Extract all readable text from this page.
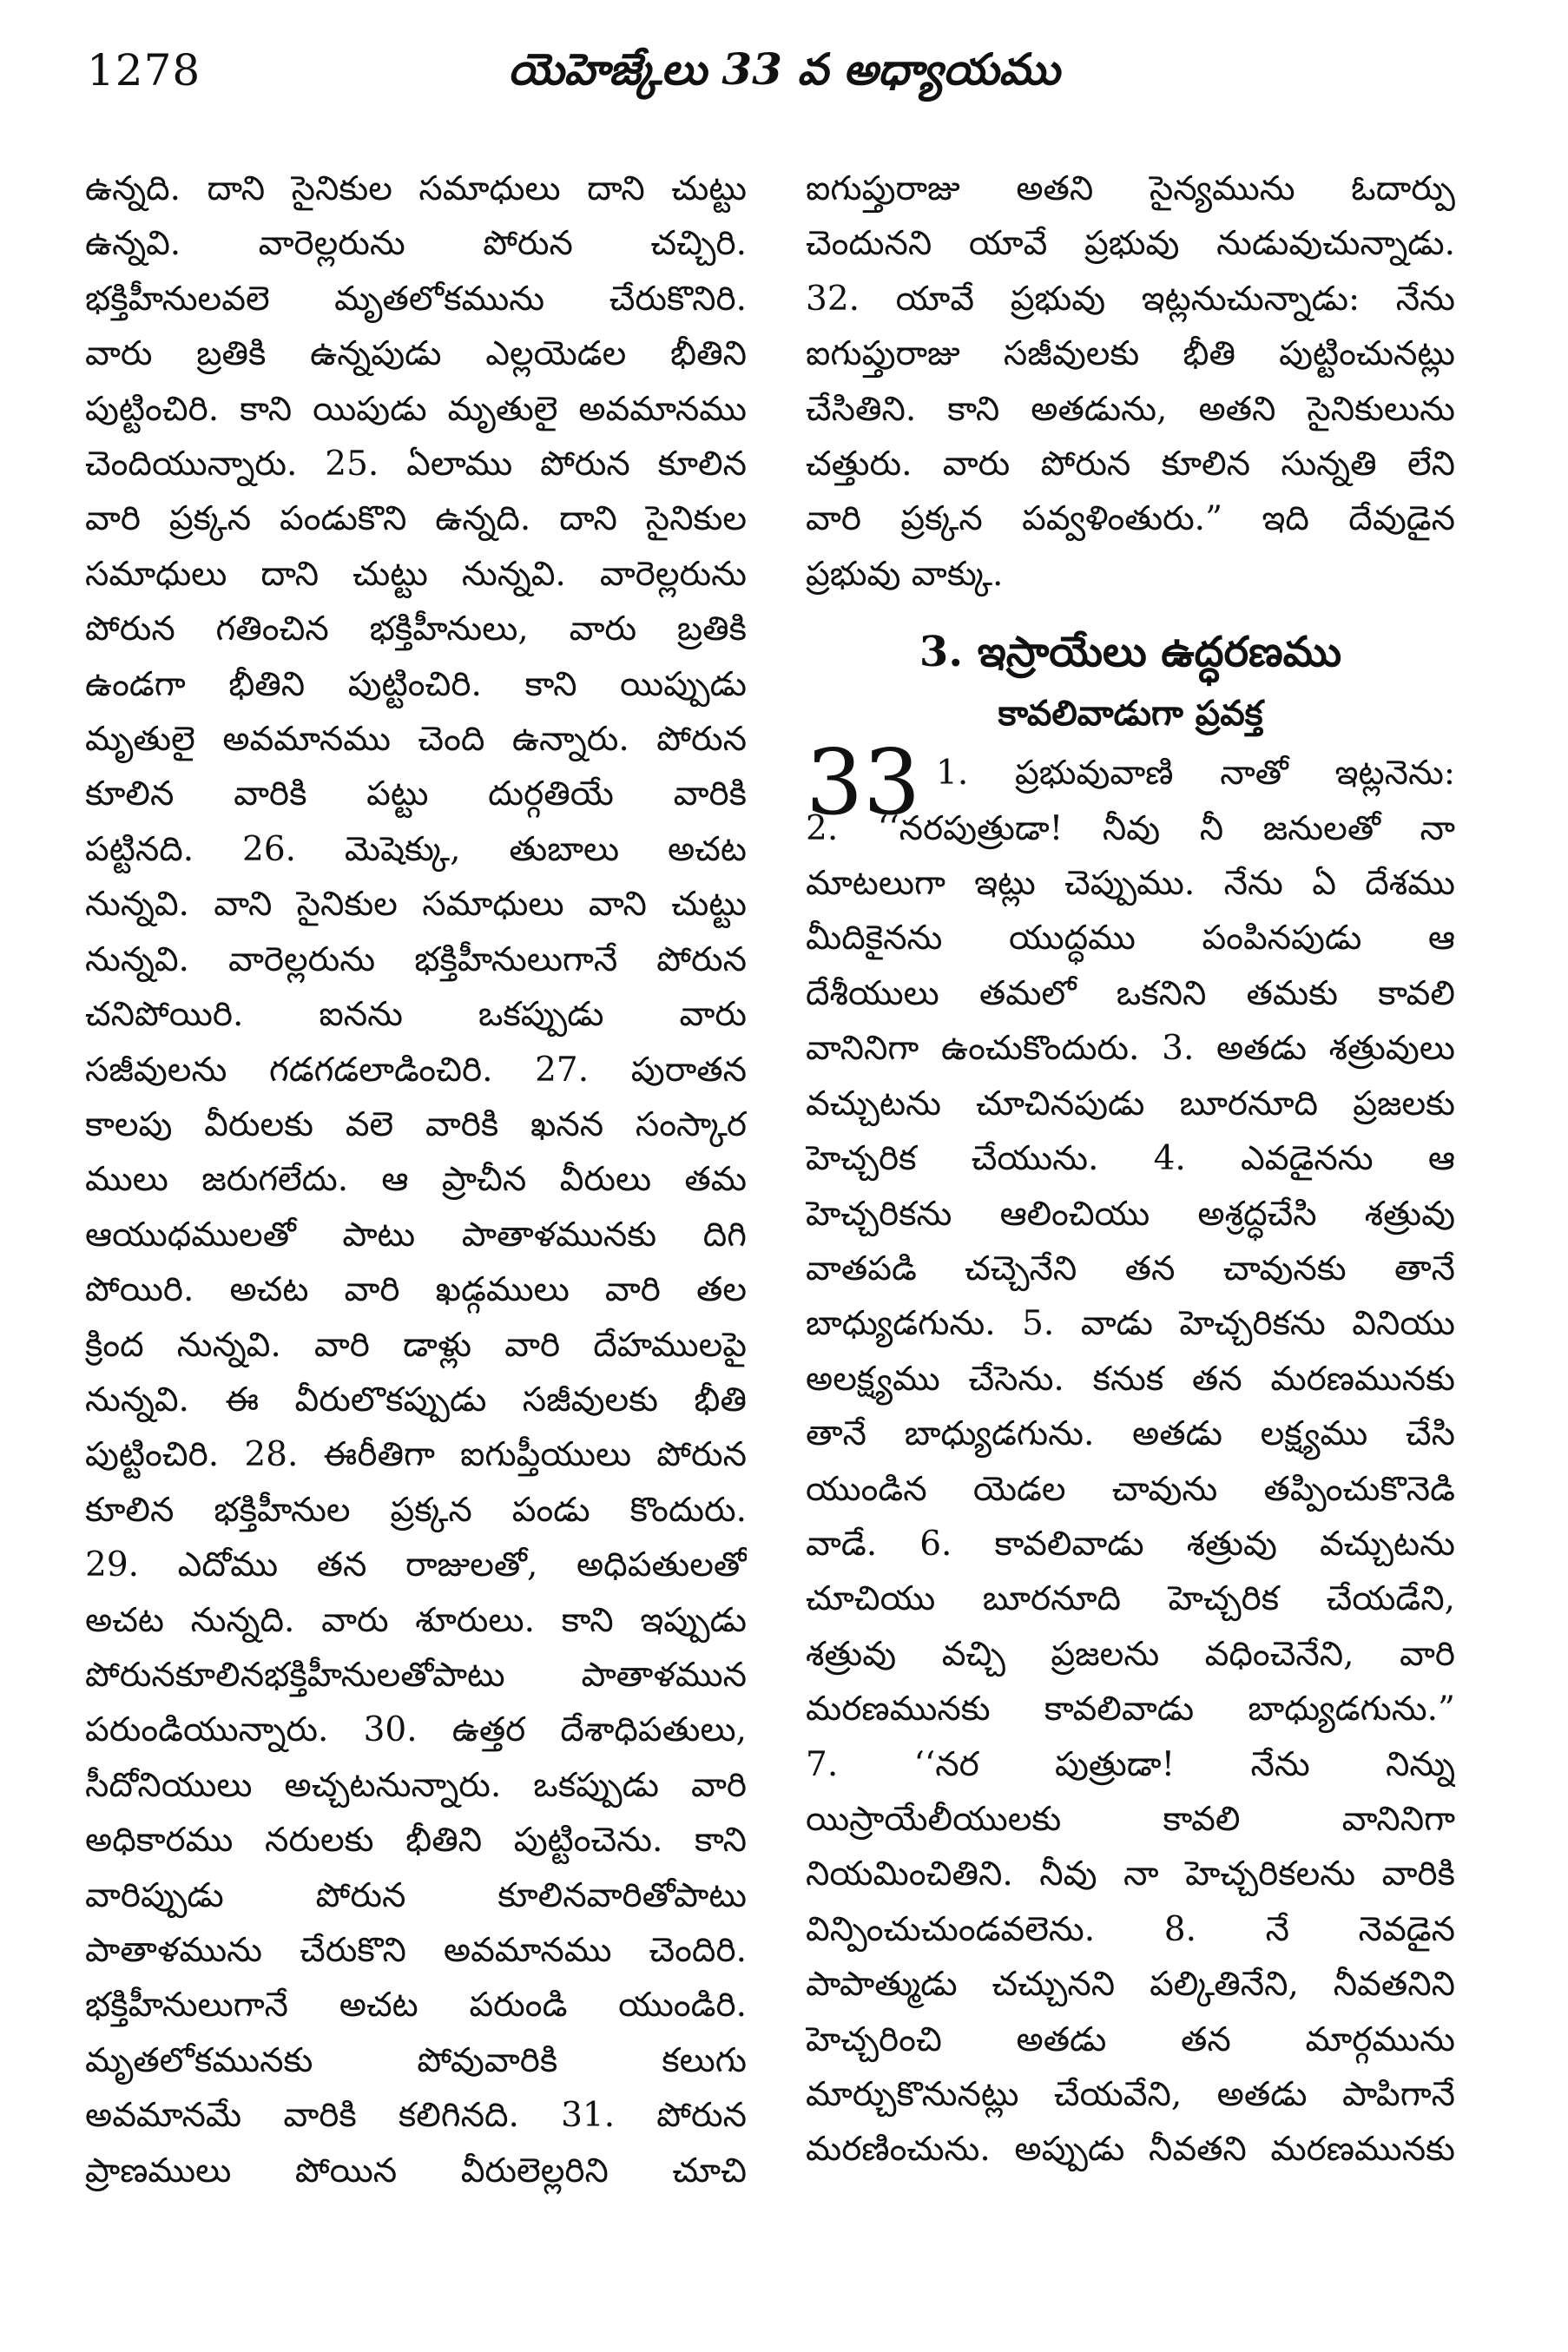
1278	యెహెజ్కేలు 33 వ అధ్యాయము
ఉన్నది. దాని సైనికుల సమాధులు దాని చుట్టు
ఉన్నవి. వారెల్లరును పోరున చచ్చిరి.
భక్తిహీనులవలె మృతలోకమును చేరుకొనిరి.
వారు బ్రతికి ఉన్నపుడు ఎల్లయెడల భీతిని
పుట్టించిరి. కాని యిపుడు మృతులై అవమానము
చెందియున్నారు. 25. ఏలాము పోరున కూలిన
వారి ప్రక్కన పండుకొని ఉన్నది. దాని సైనికుల
సమాధులు దాని చుట్టు నున్నవి. వారెల్లరును
పోరున గతించిన భక్తిహీనులు, వారు బ్రతికి
ఉండగా భీతిని పుట్టించిరి. కాని యిప్పుడు
మృతులై అవమానము చెంది ఉన్నారు. పోరున
కూలిన వారికి పట్టు దుర్గతియే వారికి
పట్టినది. 26. మెషెక్కు, తుబాలు అచట
నున్నవి. వాని సైనికుల సమాధులు వాని చుట్టు
నున్నవి. వారెల్లరును భక్తిహీనులుగానే పోరున
చనిపోయిరి. ఐనను ఒకప్పుడు వారు
సజీవులను గడగడలాడించిరి. 27. పురాతన
కాలపు వీరులకు వలె వారికి ఖనన సంస్కార
ములు జరుగలేదు. ఆ ప్రాచీన వీరులు తమ
ఆయుధములతో పాటు పాతాళమునకు దిగి
పోయిరి. అచట వారి ఖడ్గములు వారి తల
క్రింద నున్నవి. వారి డాళ్లు వారి దేహములపై
నున్నవి. ఈ వీరులొకప్పుడు సజీవులకు భీతి
పుట్టించిరి. 28. ఈరీతిగా ఐగుప్తీయులు పోరున
కూలిన భక్తిహీనుల ప్రక్కన పండు కొందురు.
29. ఎదోము తన రాజులతో, అధిపతులతో
అచట నున్నది. వారు శూరులు. కాని ఇప్పుడు
పోరునకూలినభక్తిహీనులతోపాటు పాతాళమున
పరుండియున్నారు. 30. ఉత్తర దేశాధిపతులు,
సీదోనియులు అచ్చటనున్నారు. ఒకప్పుడు వారి
అధికారము నరులకు భీతిని పుట్టించెను. కాని
వారిప్పుడు పోరున కూలినవారితోపాటు
పాతాళమును చేరుకొని అవమానము చెందిరి.
భక్తిహీనులుగానే అచట పరుండి యుండిరి.
మృతలోకమునకు పోవువారికి కలుగు
అవమానమే వారికి కలిగినది. 31. పోరున
ప్రాణములు పోయిన వీరులెల్లరిని చూచి
ఐగుప్తురాజు అతని సైన్యమును ఓదార్పు
చెందునని యావే ప్రభువు నుడువుచున్నాడు.
32. యావే ప్రభువు ఇట్లనుచున్నాడు: నేను
ఐగుప్తురాజు సజీవులకు భీతి పుట్టించునట్లు
చేసితిని. కాని అతడును, అతని సైనికులును
చత్తురు. వారు పోరున కూలిన సున్నతి లేని
వారి ప్రక్కన పవ్వళింతురు.” ఇది దేవుడైన
ప్రభువు వాక్కు.
3. ఇస్రాయేలు ఉద్ధరణము
కావలివాడుగా ప్రవక్త
33 1. ప్రభువువాణి నాతో ఇట్లనెను:
2. ‘‘నరపుత్రుడా! నీవు నీ జనులతో నా
మాటలుగా ఇట్లు చెప్పుము. నేను ఏ దేశము
మీదికైనను యుద్ధము పంపినపుడు ఆ
దేశీయులు తమలో ఒకనిని తమకు కావలి
వానినిగా ఉంచుకొందురు. 3. అతడు శత్రువులు
వచ్చుటను చూచినపుడు బూరనూది ప్రజలకు
హెచ్చరిక చేయును. 4. ఎవడైనను ఆ
హెచ్చరికను ఆలించియు అశ్రద్ధచేసి శత్రువు
వాతపడి చచ్చెనేని తన చావునకు తానే
బాధ్యుడగును. 5. వాడు హెచ్చరికను వినియు
అలక్ష్యము చేసెను. కనుక తన మరణమునకు
తానే బాధ్యుడగును. అతడు లక్ష్యము చేసి
యుండిన యెడల చావును తప్పించుకొనెడి
వాడే. 6. కావలివాడు శత్రువు వచ్చుటను
చూచియు బూరనూది హెచ్చరిక చేయడేని,
శత్రువు వచ్చి ప్రజలను వధించెనేని, వారి
మరణమునకు కావలివాడు బాధ్యుడగును.”
7. ‘‘నర పుత్రుడా! నేను నిన్ను
యిస్రాయేలీయులకు కావలి వానినిగా
నియమించితిని. నీవు నా హెచ్చరికలను వారికి
విన్పించుచుండవలెను. 8. నే నెవడైన
పాపాత్ముడు చచ్చునని పల్కితినేని, నీవతనిని
హెచ్చరించి అతడు తన మార్గమును
మార్చుకొనునట్లు చేయవేని, అతడు పాపిగానే
మరణించును. అప్పుడు నీవతని మరణమునకు
